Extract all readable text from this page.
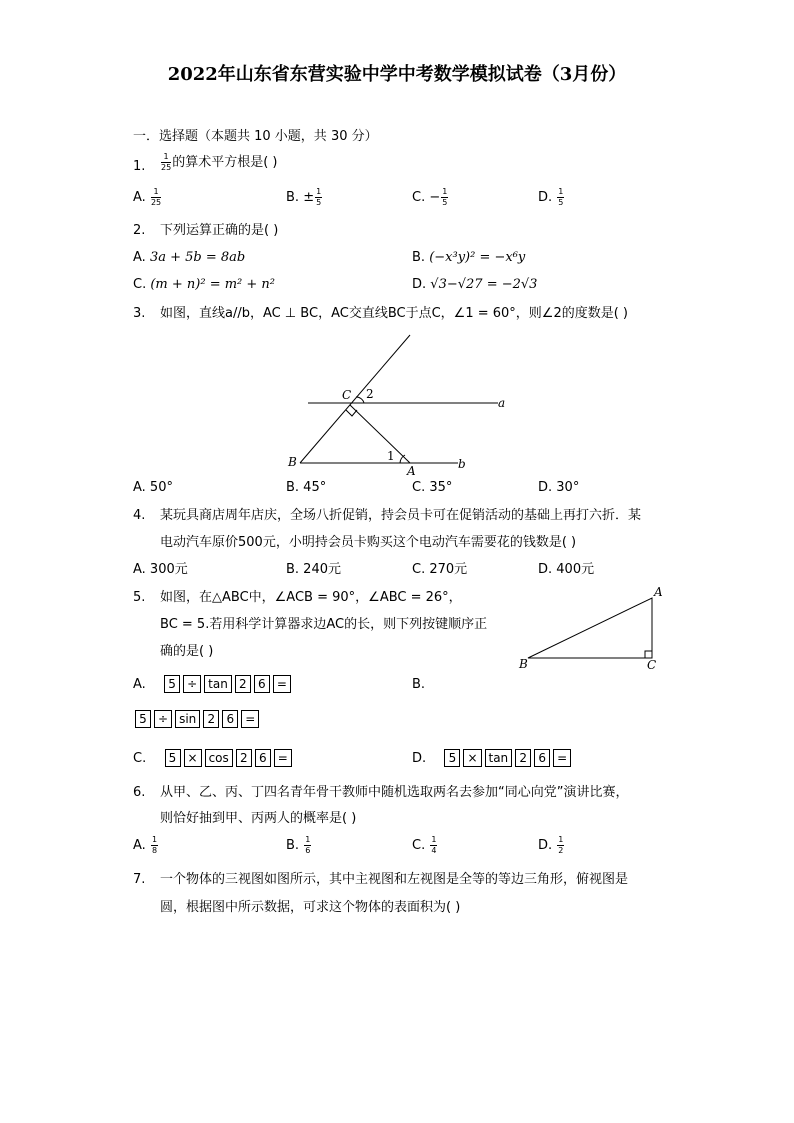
2022年山东省东营实验中学中考数学模拟试卷（3月份）
一．选择题（本题共 10 小题，共 30 分）
1. $\frac{1}{25}$ 的算术平方根是( )
A. $\frac{1}{25}$	B. ± $\frac{1}{5}$	C. − $\frac{1}{5}$	D. $\frac{1}{5}$
2. 下列运算正确的是( )
A. 3a + 5b = 8ab	B. (−x³y)² = −x⁶y
C. (m + n)² = m² + n²	D. √3−√27 = −2√3
3. 如图，直线a//b，AC ⊥ BC，AC交直线BC于点C，∠1 = 60°，则∠2的度数是( )
C 2
a
B	1
A	b
A. 50°	B. 45°	C. 35°	D. 30°
4. 某玩具商店周年店庆，全场八折促销，持会员卡可在促销活动的基础上再打六折．某
电动汽车原价500元，小明持会员卡购买这个电动汽车需要花的钱数是( )
A. 300元	B. 240元	C. 270元	D. 400元
5. 如图，在△ABC中，∠ACB = 90°，∠ABC = 26°，
BC = 5.若用科学计算器求边AC的长，则下列按键顺序正
确的是( )
A
B	C
A. 5 ÷ tan 2 6 =	B.
5 ÷ sin 2 6 =
C. 5 × cos 2 6 =	D. 5 × tan 2 6 =
6. 从甲、乙、丙、丁四名青年骨干教师中随机选取两名去参加“同心向党”演讲比赛，
则恰好抽到甲、丙两人的概率是( )
A. $\frac{1}{8}$	B. $\frac{1}{6}$	C. $\frac{1}{4}$	D. $\frac{1}{2}$
7. 一个物体的三视图如图所示，其中主视图和左视图是全等的等边三角形，俯视图是
圆，根据图中所示数据，可求这个物体的表面积为( )
